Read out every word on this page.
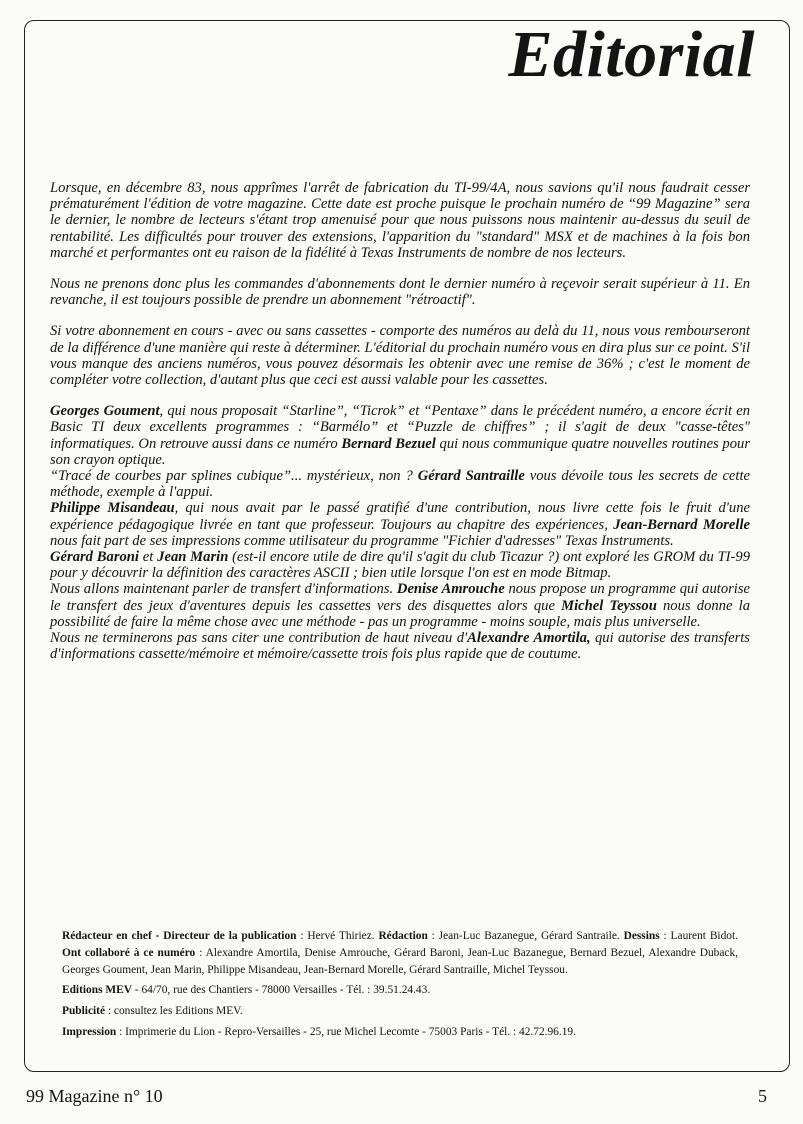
Editorial

Lorsque, en décembre 83, nous apprîmes l'arrêt de fabrication du TI-99/4A, nous savions qu'il nous faudrait cesser prématurément l'édition de votre magazine. Cette date est proche puisque le prochain numéro de “99 Magazine” sera le dernier, le nombre de lecteurs s'étant trop amenuisé pour que nous puissons nous maintenir au-dessus du seuil de rentabilité. Les difficultés pour trouver des extensions, l'apparition du "standard" MSX et de machines à la fois bon marché et performantes ont eu raison de la fidélité à Texas Instruments de nombre de nos lecteurs.

Nous ne prenons donc plus les commandes d'abonnements dont le dernier numéro à reçevoir serait supérieur à 11. En revanche, il est toujours possible de prendre un abonnement "rétroactif".

Si votre abonnement en cours - avec ou sans cassettes - comporte des numéros au delà du 11, nous vous rembourseront de la différence d'une manière qui reste à déterminer. L'éditorial du prochain numéro vous en dira plus sur ce point. S'il vous manque des anciens numéros, vous pouvez désormais les obtenir avec une remise de 36% ; c'est le moment de compléter votre collection, d'autant plus que ceci est aussi valable pour les cassettes.

Georges Goument, qui nous proposait “Starline”, “Ticrok” et “Pentaxe” dans le précédent numéro, a encore écrit en Basic TI deux excellents programmes : “Barmélo” et “Puzzle de chiffres” ; il s'agit de deux "casse-têtes" informatiques. On retrouve aussi dans ce numéro Bernard Bezuel qui nous communique quatre nouvelles routines pour son crayon optique.

“Tracé de courbes par splines cubique”... mystérieux, non ? Gérard Santraille vous dévoile tous les secrets de cette méthode, exemple à l'appui.

Philippe Misandeau, qui nous avait par le passé gratifié d'une contribution, nous livre cette fois le fruit d'une expérience pédagogique livrée en tant que professeur. Toujours au chapitre des expériences, Jean-Bernard Morelle nous fait part de ses impressions comme utilisateur du programme "Fichier d'adresses" Texas Instruments.

Gérard Baroni et Jean Marin (est-il encore utile de dire qu'il s'agit du club Ticazur ?) ont exploré les GROM du TI-99 pour y découvrir la définition des caractères ASCII ; bien utile lorsque l'on est en mode Bitmap.

Nous allons maintenant parler de transfert d'informations. Denise Amrouche nous propose un programme qui autorise le transfert des jeux d'aventures depuis les cassettes vers des disquettes alors que Michel Teyssou nous donne la possibilité de faire la même chose avec une méthode - pas un programme - moins souple, mais plus universelle.

Nous ne terminerons pas sans citer une contribution de haut niveau d'Alexandre Amortila, qui autorise des transferts d'informations cassette/mémoire et mémoire/cassette trois fois plus rapide que de coutume.

Rédacteur en chef - Directeur de la publication : Hervé Thiriez. Rédaction : Jean-Luc Bazanegue, Gérard Santraile. Dessins : Laurent Bidot. Ont collaboré à ce numéro : Alexandre Amortila, Denise Amrouche, Gérard Baroni, Jean-Luc Bazanegue, Bernard Bezuel, Alexandre Duback, Georges Goument, Jean Marin, Philippe Misandeau, Jean-Bernard Morelle, Gérard Santraille, Michel Teyssou.

Editions MEV - 64/70, rue des Chantiers - 78000 Versailles - Tél. : 39.51.24.43.

Publicité : consultez les Editions MEV.

Impression : Imprimerie du Lion - Repro-Versailles - 25, rue Michel Lecomte - 75003 Paris - Tél. : 42.72.96.19.

99 Magazine n° 10	5
